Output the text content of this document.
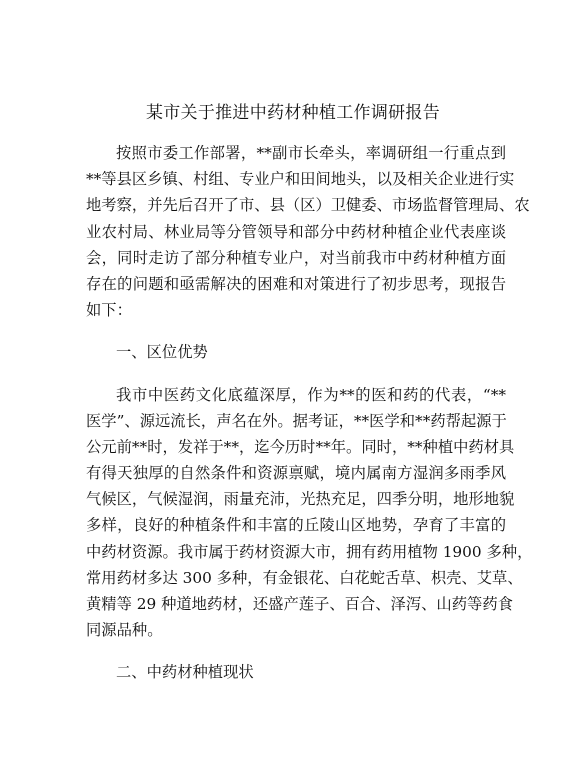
某市关于推进中药材种植工作调研报告
按照市委工作部署，**副市长牵头，率调研组一行重点到
**等县区乡镇、村组、专业户和田间地头，以及相关企业进行实
地考察，并先后召开了市、县（区）卫健委、市场监督管理局、农
业农村局、林业局等分管领导和部分中药材种植企业代表座谈
会，同时走访了部分种植专业户，对当前我市中药材种植方面
存在的问题和亟需解决的困难和对策进行了初步思考，现报告
如下：
一、区位优势
我市中医药文化底蕴深厚，作为**的医和药的代表，“**
医学”、源远流长，声名在外。据考证，**医学和**药帮起源于
公元前**时，发祥于**，迄今历时**年。同时，**种植中药材具
有得天独厚的自然条件和资源禀赋，境内属南方湿润多雨季风
气候区，气候湿润，雨量充沛，光热充足，四季分明，地形地貌
多样，良好的种植条件和丰富的丘陵山区地势，孕育了丰富的
中药材资源。我市属于药材资源大市，拥有药用植物 1900 多种，
常用药材多达 300 多种，有金银花、白花蛇舌草、枳壳、艾草、
黄精等 29 种道地药材，还盛产莲子、百合、泽泻、山药等药食
同源品种。
二、中药材种植现状
